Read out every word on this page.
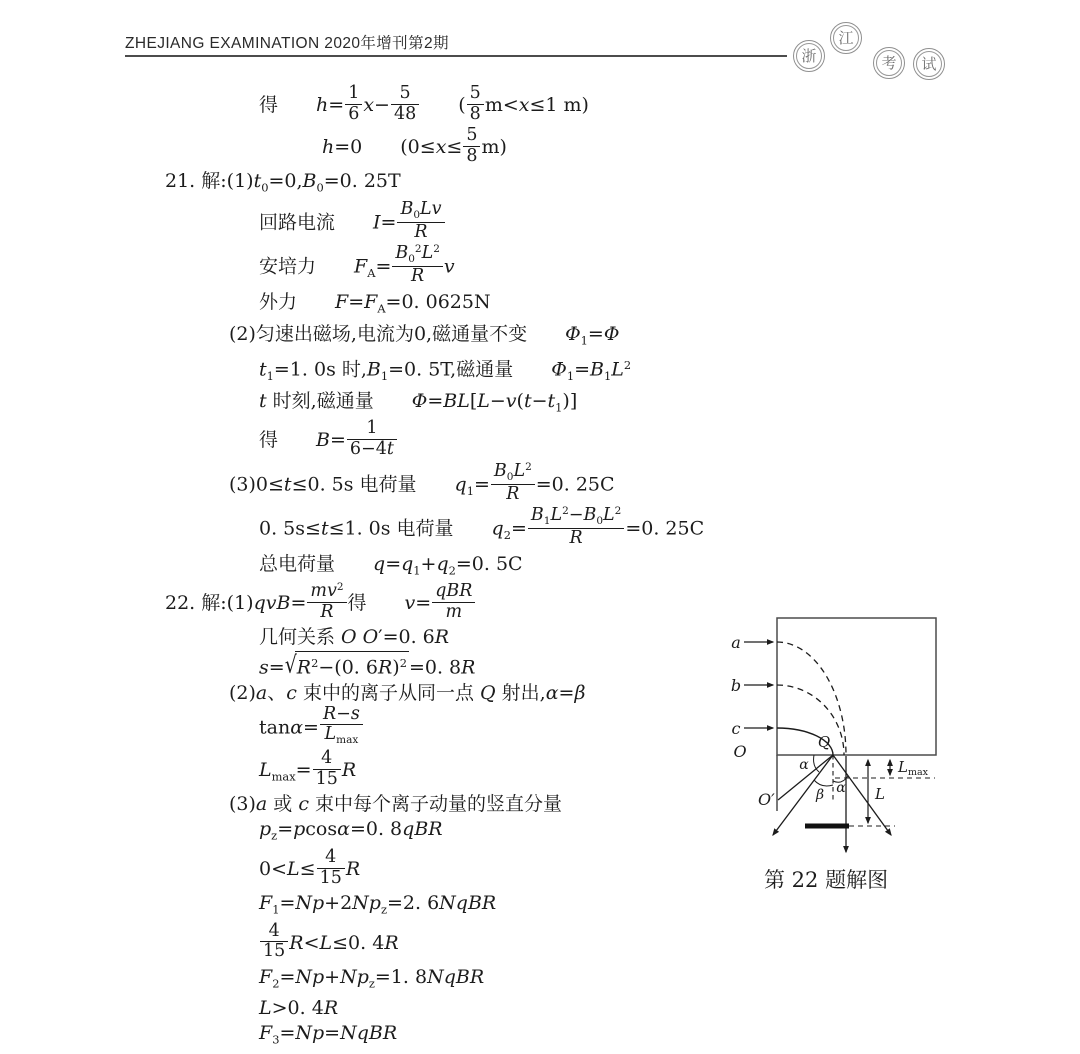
ZHEJIANG EXAMINATION 2020年增刊第2期
浙
江
考 试
得　　$h= \frac{1}{6} x- \frac{5}{48}$ 　　( $\frac{5}{8} m<x\le 1$ m)
h=0　　$(0\le x\le \frac{5}{8} m)$
21. 解$:(1)t_0=0,B_0=0$. 25T
回路电流　　$I= \frac{B_0Lv}{R}$
安培力　　$F_A= \frac{B_0^2L^2}{R}$ v
外力　　$F=F_A=0$. 0625N
(2)匀速出磁场,电流为0,磁通量不变　　$\Phi_1=\Phi$
$t_1=1$. 0s 时$,B_1=0$. 5T,磁通量　　$\Phi_1=B_1L^2$
t 时刻,磁通量　　$\Phi=BL[L-v(t-t_1)]$
得　　$B= \frac{1}{6-4t}$
(3)0≤t≤0. 5s 电荷量　　$q_1= \frac{B_0L^2}{R} =0$. 25C
0. 5s≤t≤1. 0s 电荷量　　$q_2= \frac{B_1L^2-B_0L^2}{R} =0$. 25C
总电荷量　　$q=q_1+q_2=0$. 5C
22. 解:(1)qvB= $\frac{mv^2}{R}$ 得　　v=
qBR
m
几何关系 O O′=0. 6R
$s=√R^2-(0$. 6R)$^2$ =0. 8R
(2)a、c 束中的离子从同一点 Q 射出,α=β
tanα=
R−s
$L_{max}$
$L_{max}= \frac{4}{15}$ R
(3)a 或 c 束中每个离子动量的竖直分量
$p_z=pcos\alpha=0$. 8qBR
$0<L\le \frac{4}{15}$ R
$F_1=Np+2Np_z=2$. 6NqBR
$\frac{4}{15} R<L\le 0$. 4R
$F_2=Np+Np_z=1$. 8NqBR
L>0. 4R
$F_3=Np=NqBR$
a
b
c
O	Q
O′
α
β α
$L_{max}$
L
第 22 题解图
